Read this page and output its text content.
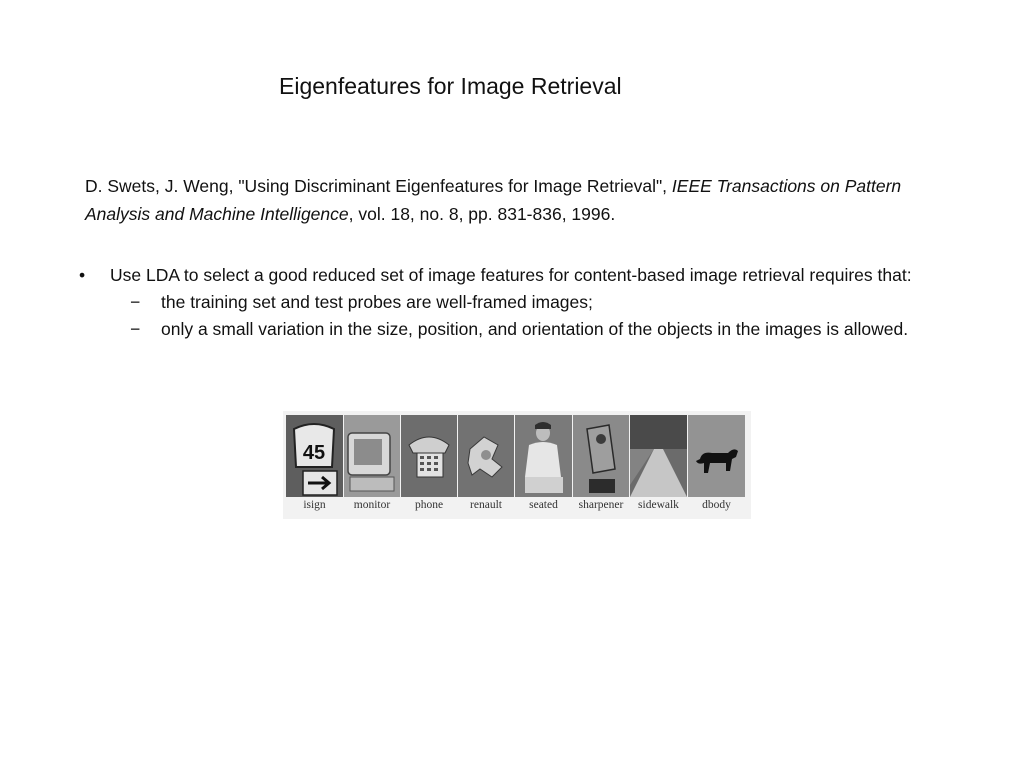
Eigenfeatures for Image Retrieval
D. Swets, J. Weng, "Using Discriminant Eigenfeatures for Image Retrieval", IEEE Transactions on Pattern Analysis and Machine Intelligence, vol. 18, no. 8, pp. 831-836, 1996.
• Use LDA to select a good reduced set of image features for content-based image retrieval requires that:
− the training set and test probes are well-framed images;
− only a small variation in the size, position, and orientation of the objects in the images is allowed.
45
isign	monitor	phone	renault	seated	sharpener	sidewalk	dbody
